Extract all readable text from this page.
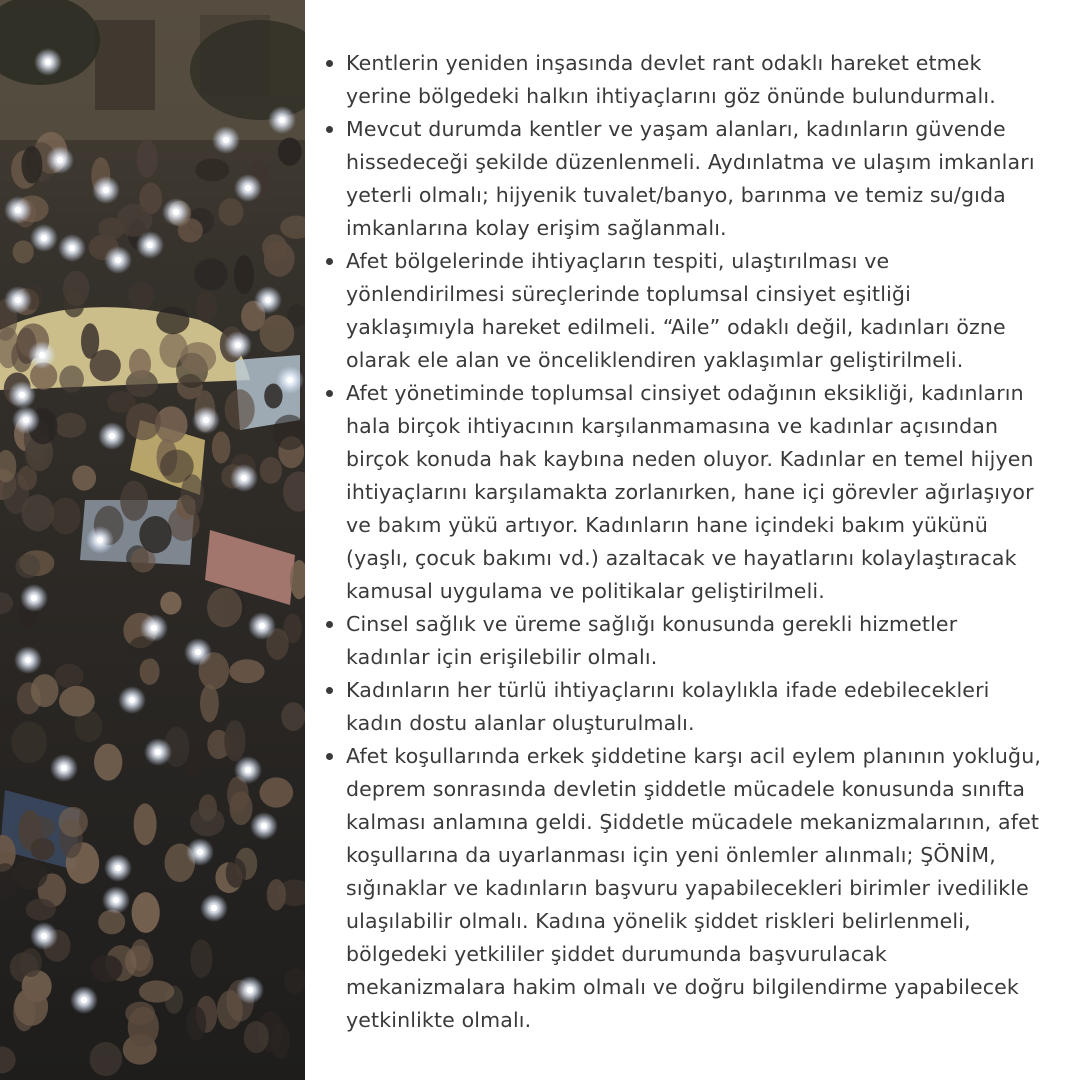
Kentlerin yeniden inşasında devlet rant odaklı hareket etmek yerine bölgedeki halkın ihtiyaçlarını göz önünde bulundurmalı.
Mevcut durumda kentler ve yaşam alanları, kadınların güvende hissedeceği şekilde düzenlenmeli. Aydınlatma ve ulaşım imkanları yeterli olmalı; hijyenik tuvalet/banyo, barınma ve temiz su/gıda imkanlarına kolay erişim sağlanmalı.
Afet bölgelerinde ihtiyaçların tespiti, ulaştırılması ve yönlendirilmesi süreçlerinde toplumsal cinsiyet eşitliği yaklaşımıyla hareket edilmeli. “Aile” odaklı değil, kadınları özne olarak ele alan ve önceliklendiren yaklaşımlar geliştirilmeli.
Afet yönetiminde toplumsal cinsiyet odağının eksikliği, kadınların hala birçok ihtiyacının karşılanmamasına ve kadınlar açısından birçok konuda hak kaybına neden oluyor. Kadınlar en temel hijyen ihtiyaçlarını karşılamakta zorlanırken, hane içi görevler ağırlaşıyor ve bakım yükü artıyor. Kadınların hane içindeki bakım yükünü (yaşlı, çocuk bakımı vd.) azaltacak ve hayatlarını kolaylaştıracak kamusal uygulama ve politikalar geliştirilmeli.
Cinsel sağlık ve üreme sağlığı konusunda gerekli hizmetler kadınlar için erişilebilir olmalı.
Kadınların her türlü ihtiyaçlarını kolaylıkla ifade edebilecekleri kadın dostu alanlar oluşturulmalı.
Afet koşullarında erkek şiddetine karşı acil eylem planının yokluğu, deprem sonrasında devletin şiddetle mücadele konusunda sınıfta kalması anlamına geldi. Şiddetle mücadele mekanizmalarının, afet koşullarına da uyarlanması için yeni önlemler alınmalı; ŞÖNİM, sığınaklar ve kadınların başvuru yapabilecekleri birimler ivedilikle ulaşılabilir olmalı. Kadına yönelik şiddet riskleri belirlenmeli, bölgedeki yetkililer şiddet durumunda başvurulacak mekanizmalara hakim olmalı ve doğru bilgilendirme yapabilecek yetkinlikte olmalı.
